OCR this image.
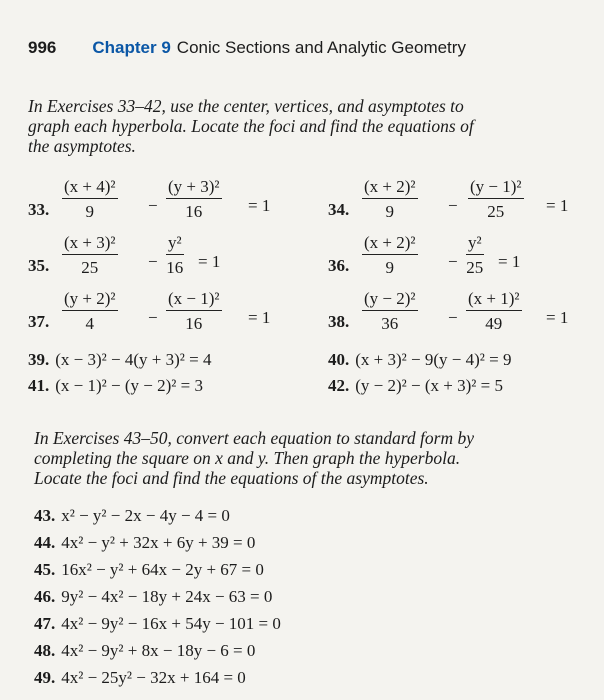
996 Chapter 9 Conic Sections and Analytic Geometry
In Exercises 33–42, use the center, vertices, and asymptotes to
graph each hyperbola. Locate the foci and find the equations of
the asymptotes.
33.
(x + 4)²
9	−
(y + 3)²
16	= 1	34.
(x + 2)²
9	−
(y − 1)²
25 = 1
35.
(x + 3)²
25	−
y²
16 = 1	36.
(x + 2)²
9	−
y²
25 = 1
37.
(y + 2)²
4	−
(x − 1)²
16	= 1	38.
(y − 2)²
36	−
(x + 1)²
49	= 1
39. (x − 3)² − 4(y + 3)² = 4	40. (x + 3)² − 9(y − 4)² = 9
41. (x − 1)² − (y − 2)² = 3	42. (y − 2)² − (x + 3)² = 5
In Exercises 43–50, convert each equation to standard form by
completing the square on x and y. Then graph the hyperbola.
Locate the foci and find the equations of the asymptotes.
43. x² − y² − 2x − 4y − 4 = 0
44. 4x² − y² + 32x + 6y + 39 = 0
45. 16x² − y² + 64x − 2y + 67 = 0
46. 9y² − 4x² − 18y + 24x − 63 = 0
47. 4x² − 9y² − 16x + 54y − 101 = 0
48. 4x² − 9y² + 8x − 18y − 6 = 0
49. 4x² − 25y² − 32x + 164 = 0
